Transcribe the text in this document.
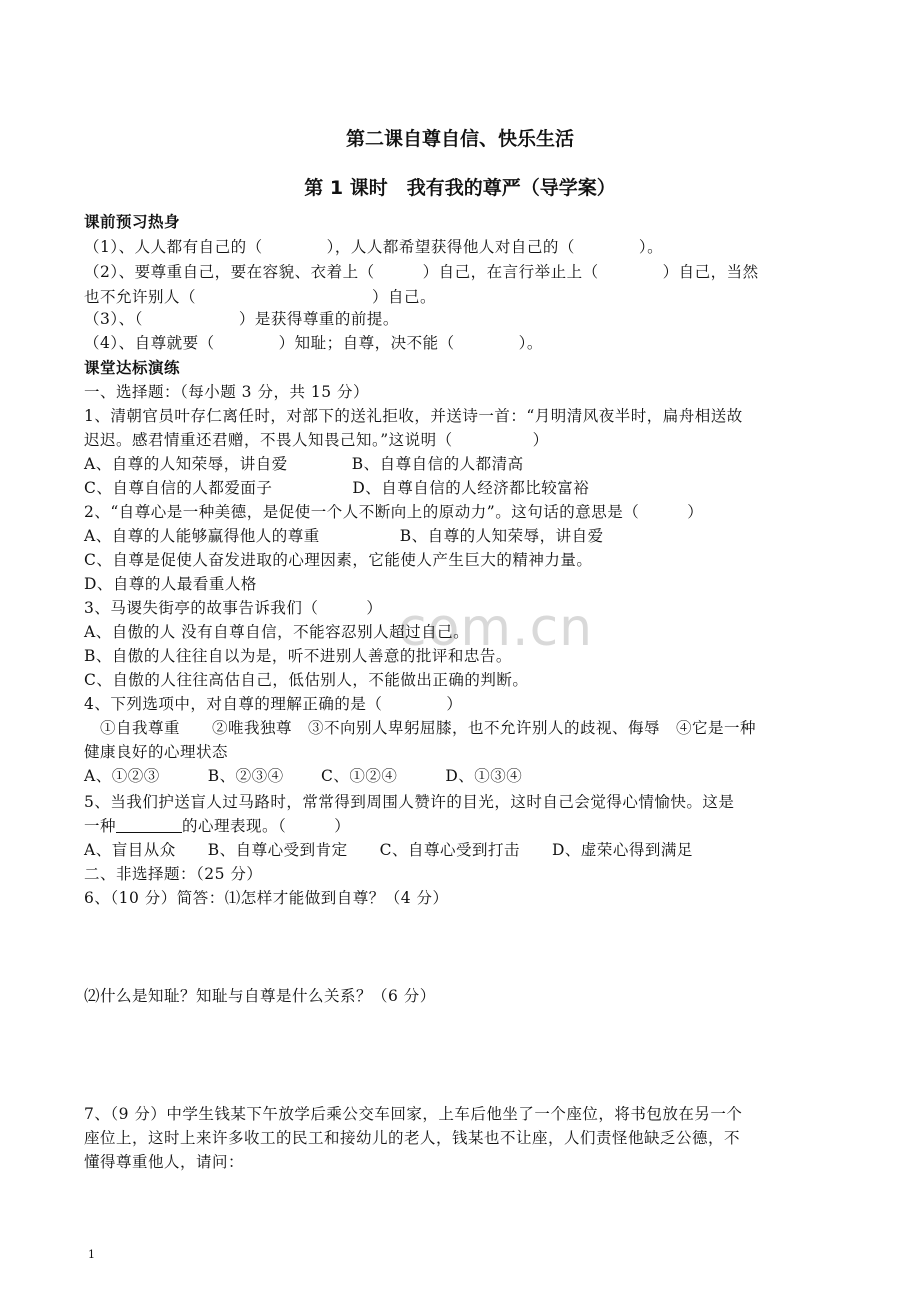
com.cn
第二课自尊自信、快乐生活
第 1 课时　我有我的尊严（导学案）
课前预习热身
（1）、人人都有自己的（　　　　），人人都希望获得他人对自己的（　　　　）。
（2）、要尊重自己，要在容貌、衣着上（　　　）自己，在言行举止上（　　　　）自己，当然
也不允许别人（　　　　　　　　　　　）自己。
（3）、（　　　　　　）是获得尊重的前提。
（4）、自尊就要（　　　　）知耻；自尊，决不能（　　　　）。
课堂达标演练
一、选择题：（每小题 3 分，共 15 分）
1、清朝官员叶存仁离任时，对部下的送礼拒收，并送诗一首：“月明清风夜半时，扁舟相送故
迟迟。感君情重还君赠，不畏人知畏己知。”这说明（　　　　　）
A、自尊的人知荣辱，讲自爱　　　　B、自尊自信的人都清高
C、自尊自信的人都爱面子　　　　　D、自尊自信的人经济都比较富裕
2、“自尊心是一种美德，是促使一个人不断向上的原动力”。这句话的意思是（　　　）
A、自尊的人能够赢得他人的尊重　　　　　B、自尊的人知荣辱，讲自爱
C、自尊是促使人奋发进取的心理因素，它能使人产生巨大的精神力量。
D、自尊的人最看重人格
3、马谡失街亭的故事告诉我们（　　　）
A、自傲的人 没有自尊自信，不能容忍别人超过自己。
B、自傲的人往往自以为是，听不进别人善意的批评和忠告。
C、自傲的人往往高估自己，低估别人，不能做出正确的判断。
4、下列选项中，对自尊的理解正确的是（　　　　）
　①自我尊重　　②唯我独尊　③不向别人卑躬屈膝，也不允许别人的歧视、侮辱　④它是一种
健康良好的心理状态
A、①②③　　　B、②③④　　 C、①②④　　　D、①③④
5、当我们护送盲人过马路时，常常得到周围人赞许的目光，这时自己会觉得心情愉快。这是
一种	的心理表现。（　　　）
A、盲目从众　　B、自尊心受到肯定　　C、自尊心受到打击　　D、虚荣心得到满足
二、非选择题：（25 分）
6、（10 分）简答：⑴怎样才能做到自尊？（4 分）
⑵什么是知耻？知耻与自尊是什么关系？（6 分）
7、（9 分）中学生钱某下午放学后乘公交车回家，上车后他坐了一个座位，将书包放在另一个
座位上，这时上来许多收工的民工和接幼儿的老人，钱某也不让座，人们责怪他缺乏公德，不
懂得尊重他人，请问：
1
